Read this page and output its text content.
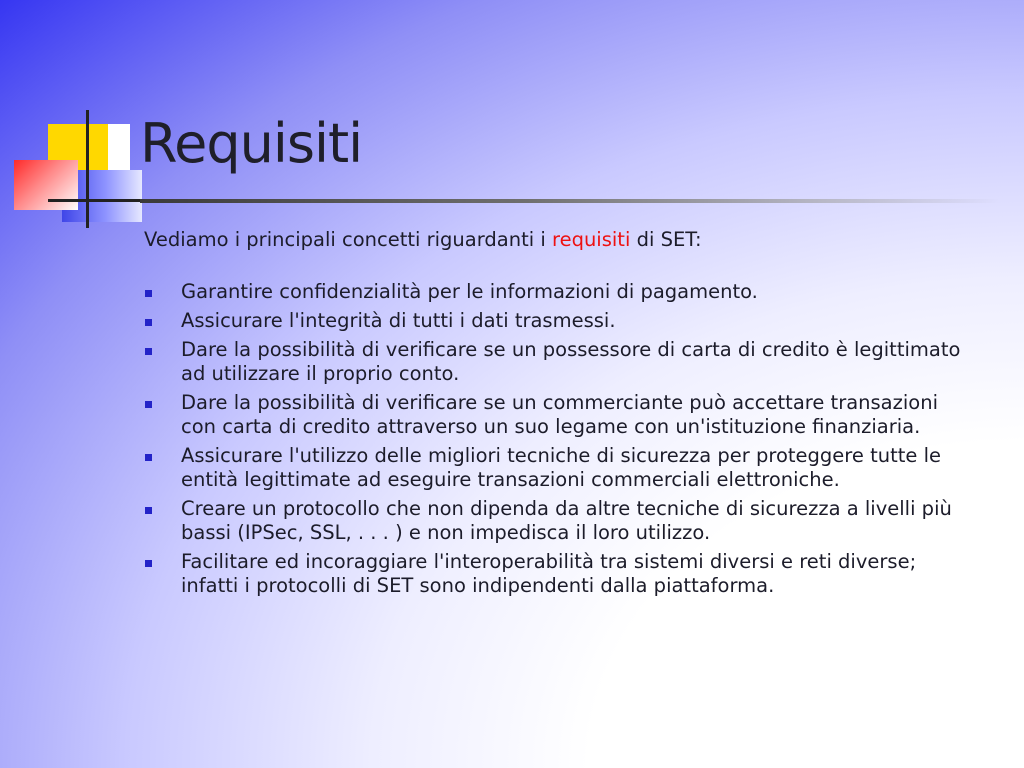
Requisiti

Vediamo i principali concetti riguardanti i requisiti di SET:

Garantire confidenzialità per le informazioni di pagamento.
Assicurare l'integrità di tutti i dati trasmessi.
Dare la possibilità di verificare se un possessore di carta di credito è legittimato ad utilizzare il proprio conto.
Dare la possibilità di verificare se un commerciante può accettare transazioni con carta di credito attraverso un suo legame con un'istituzione finanziaria.
Assicurare l'utilizzo delle migliori tecniche di sicurezza per proteggere tutte le entità legittimate ad eseguire transazioni commerciali elettroniche.
Creare un protocollo che non dipenda da altre tecniche di sicurezza a livelli più bassi (IPSec, SSL, . . . ) e non impedisca il loro utilizzo.
Facilitare ed incoraggiare l'interoperabilità tra sistemi diversi e reti diverse; infatti i protocolli di SET sono indipendenti dalla piattaforma.
